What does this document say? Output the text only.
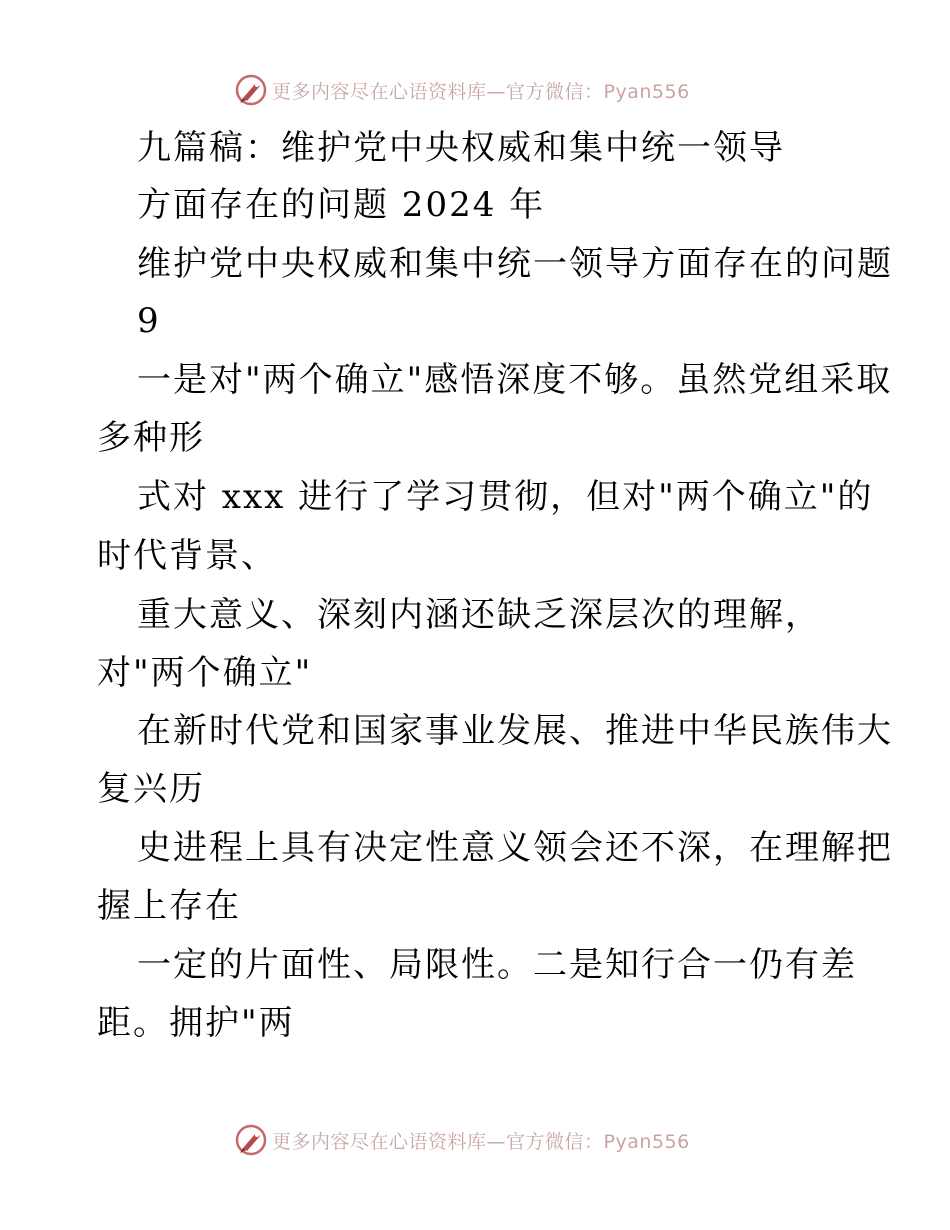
更多内容尽在心语资料库—官方微信：Pyan556
九篇稿：维护党中央权威和集中统一领导
方面存在的问题 2024 年
维护党中央权威和集中统一领导方面存在的问题
9
一是对"两个确立"感悟深度不够。虽然党组采取
多种形
式对 xxx 进行了学习贯彻，但对"两个确立"的
时代背景、
重大意义、深刻内涵还缺乏深层次的理解，
对"两个确立"
在新时代党和国家事业发展、推进中华民族伟大
复兴历
史进程上具有决定性意义领会还不深，在理解把
握上存在
一定的片面性、局限性。二是知行合一仍有差
距。拥护"两
更多内容尽在心语资料库—官方微信：Pyan556
